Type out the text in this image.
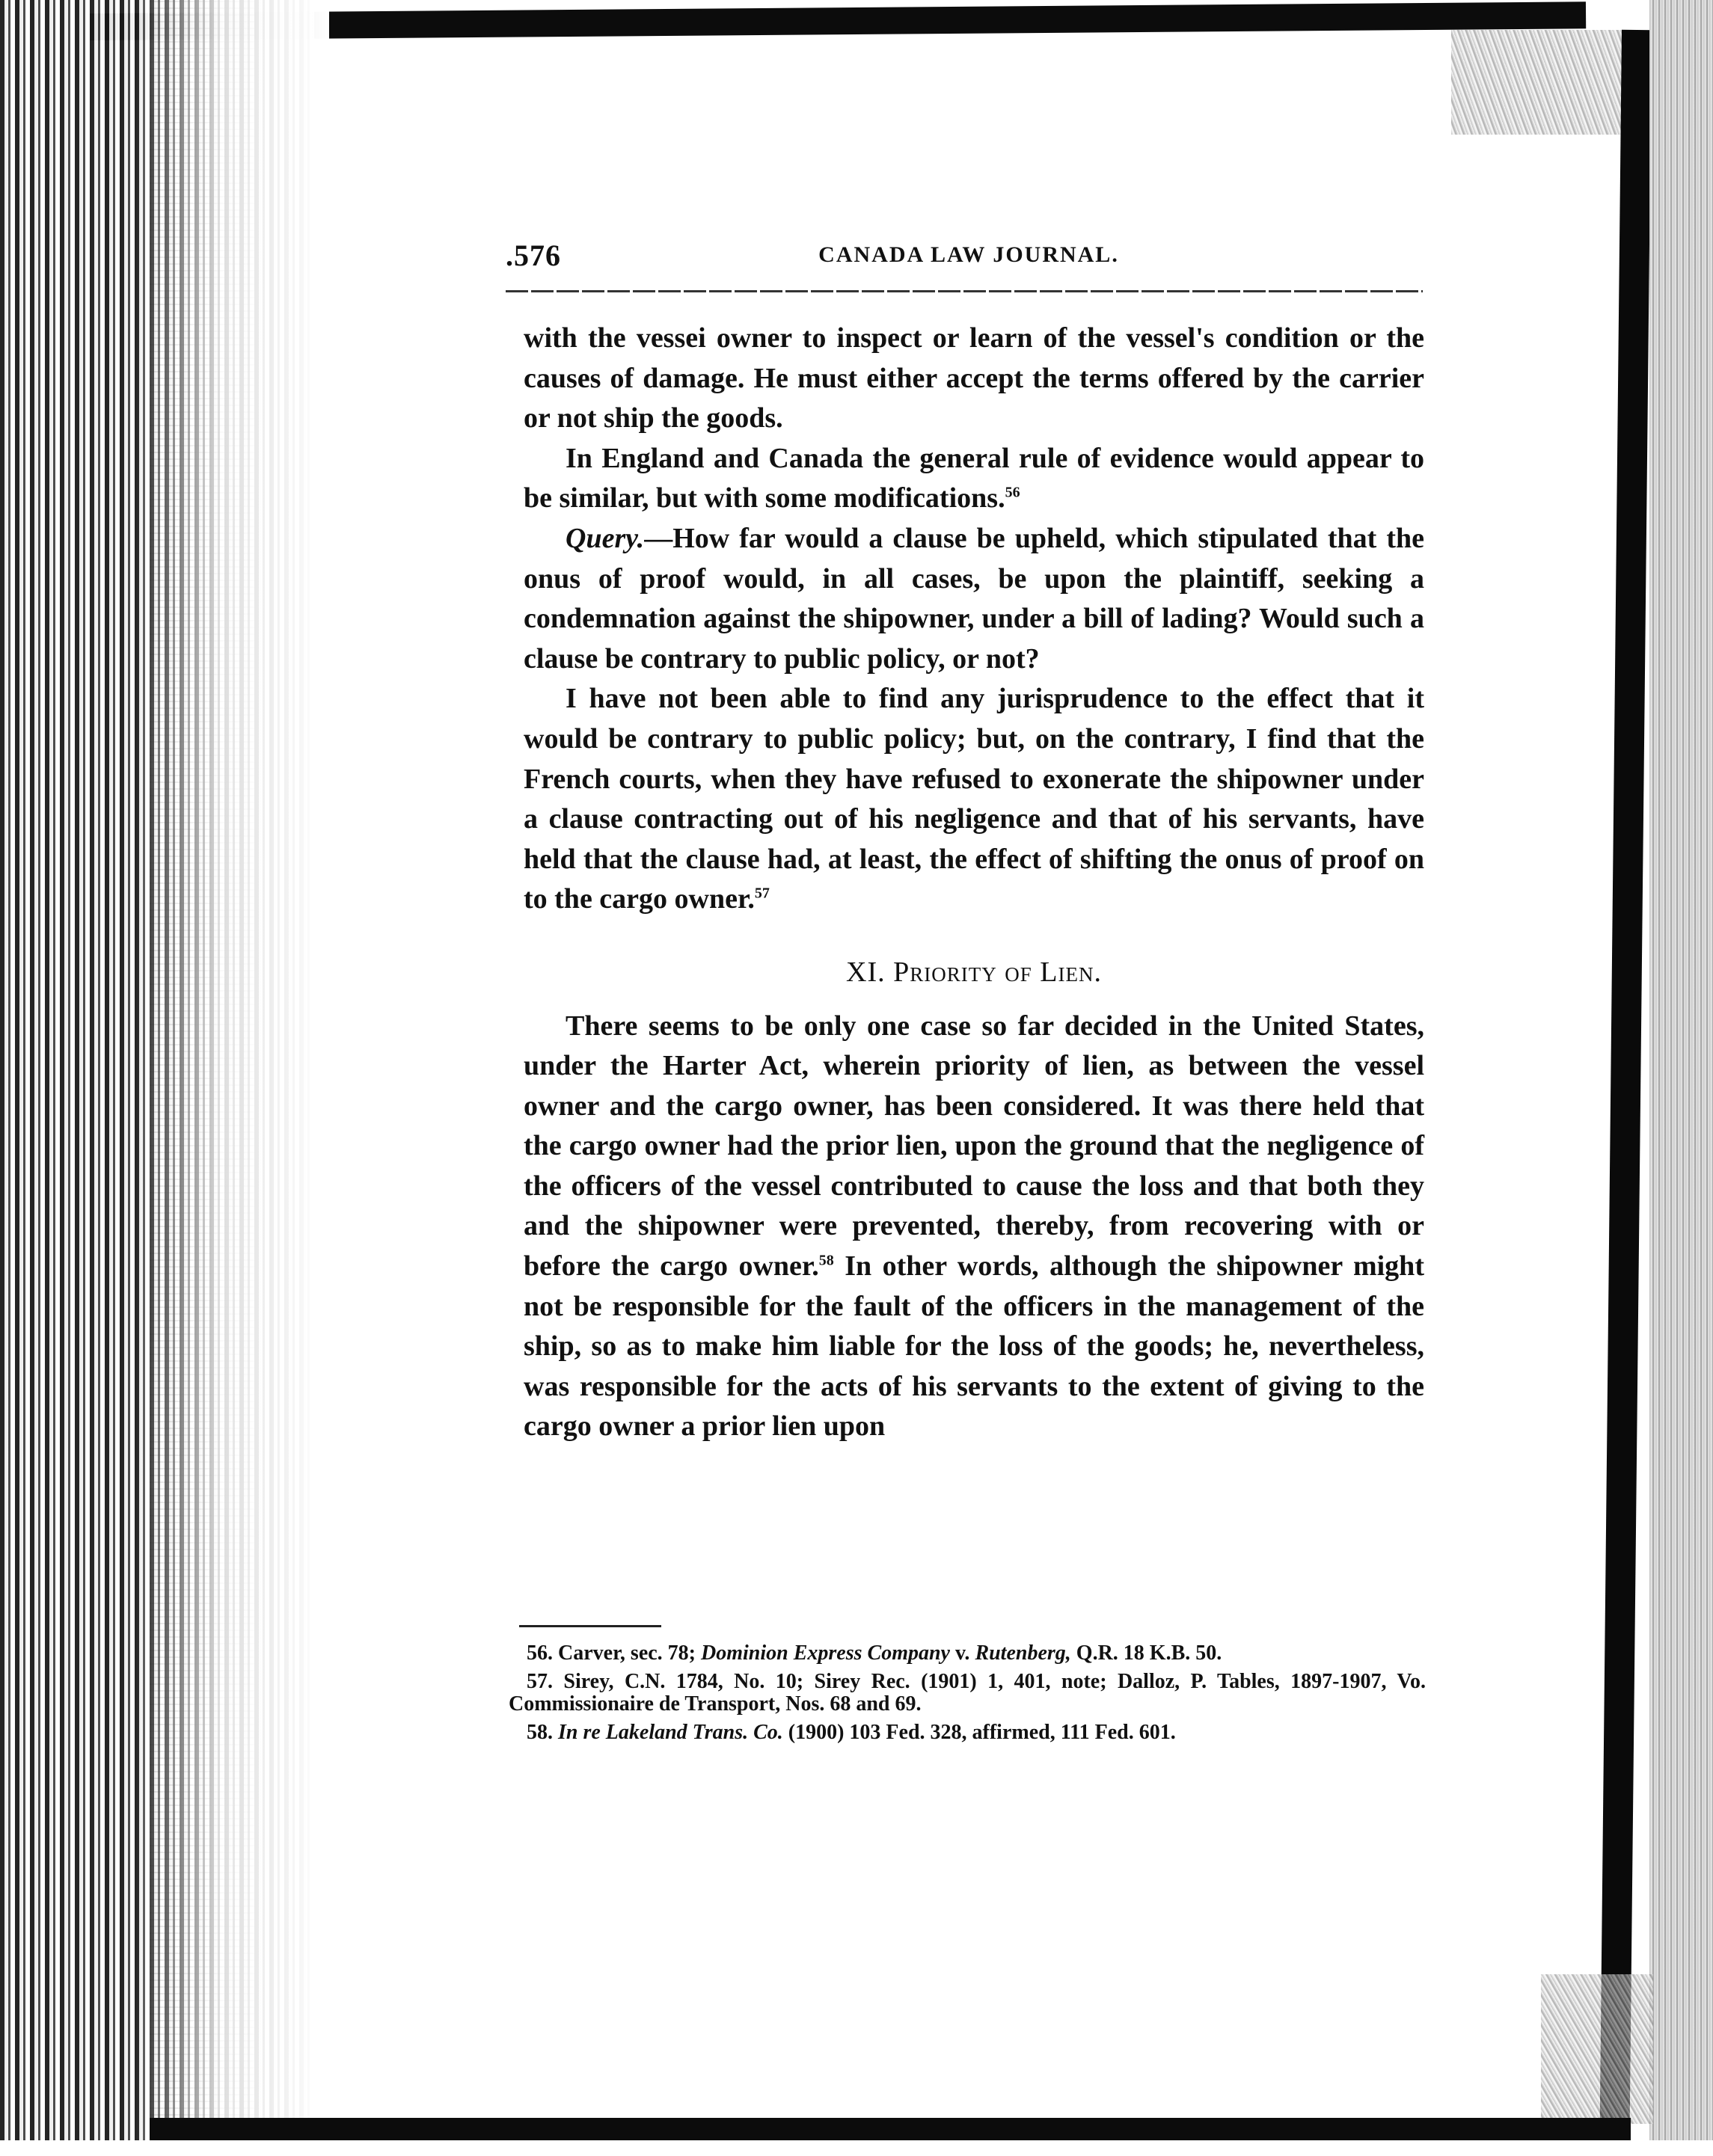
.576	CANADA LAW JOURNAL.

with the vessei owner to inspect or learn of the vessel's condition or the causes of damage. He must either accept the terms offered by the carrier or not ship the goods.

In England and Canada the general rule of evidence would appear to be similar, but with some modifications.$^{56}$

Query.—How far would a clause be upheld, which stipulated that the onus of proof would, in all cases, be upon the plaintiff, seeking a condemnation against the shipowner, under a bill of lading? Would such a clause be contrary to public policy, or not?

I have not been able to find any jurisprudence to the effect that it would be contrary to public policy; but, on the contrary, I find that the French courts, when they have refused to exonerate the shipowner under a clause contracting out of his negligence and that of his servants, have held that the clause had, at least, the effect of shifting the onus of proof on to the cargo owner.$^{57}$

XI. Priority of Lien.

There seems to be only one case so far decided in the United States, under the Harter Act, wherein priority of lien, as between the vessel owner and the cargo owner, has been considered. It was there held that the cargo owner had the prior lien, upon the ground that the negligence of the officers of the vessel contributed to cause the loss and that both they and the shipowner were prevented, thereby, from recovering with or before the cargo owner.$^{58}$ In other words, although the shipowner might not be responsible for the fault of the officers in the management of the ship, so as to make him liable for the loss of the goods; he, nevertheless, was responsible for the acts of his servants to the extent of giving to the cargo owner a prior lien upon

56. Carver, sec. 78; Dominion Express Company v. Rutenberg, Q.R. 18 K.B. 50.

57. Sirey, C.N. 1784, No. 10; Sirey Rec. (1901) 1, 401, note; Dalloz, P. Tables, 1897-1907, Vo. Commissionaire de Transport, Nos. 68 and 69.

58. In re Lakeland Trans. Co. (1900) 103 Fed. 328, affirmed, 111 Fed. 601.
